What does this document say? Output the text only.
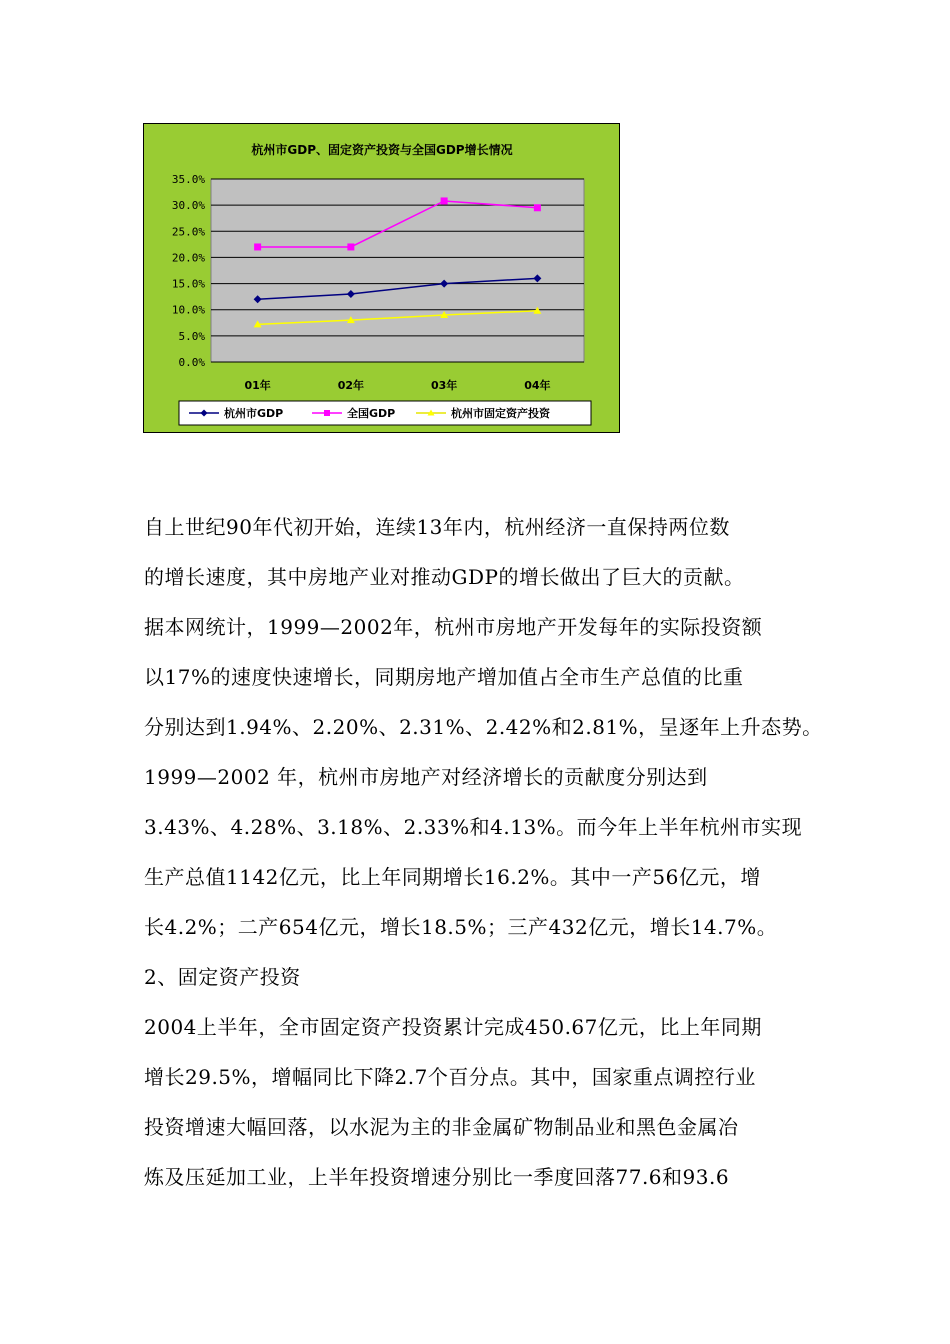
杭州市GDP、固定资产投资与全国GDP增长情况
0.0%
5.0%
10.0%
15.0%
20.0%
25.0%
30.0%
35.0%
01年	02年	03年	04年
杭州市GDP	全国GDP	杭州市固定资产投资
自上世纪90年代初开始，连续13年内，杭州经济一直保持两位数
的增长速度，其中房地产业对推动GDP的增长做出了巨大的贡献。
据本网统计，1999—2002年，杭州市房地产开发每年的实际投资额
以17%的速度快速增长，同期房地产增加值占全市生产总值的比重
分别达到1.94%、2.20%、2.31%、2.42%和2.81%，呈逐年上升态势。
1999—2002 年，杭州市房地产对经济增长的贡献度分别达到
3.43%、4.28%、3.18%、2.33%和4.13%。而今年上半年杭州市实现
生产总值1142亿元，比上年同期增长16.2%。其中一产56亿元，增
长4.2%；二产654亿元，增长18.5%；三产432亿元，增长14.7%。
2、固定资产投资
2004上半年，全市固定资产投资累计完成450.67亿元，比上年同期
增长29.5%，增幅同比下降2.7个百分点。其中，国家重点调控行业
投资增速大幅回落，以水泥为主的非金属矿物制品业和黑色金属冶
炼及压延加工业，上半年投资增速分别比一季度回落77.6和93.6
